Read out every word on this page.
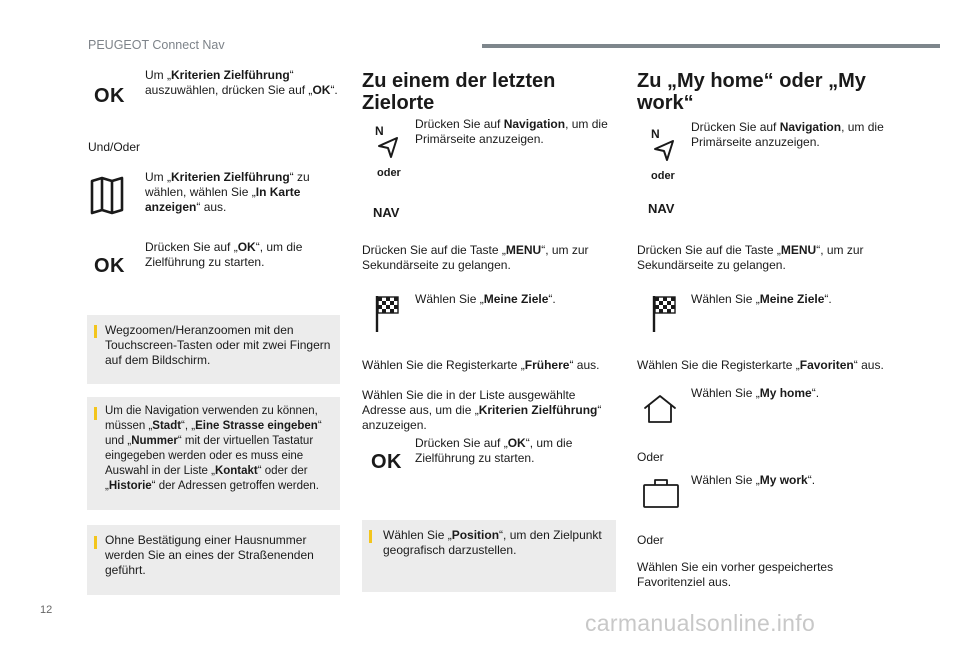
PEUGEOT Connect Nav
OK
Um „Kriterien Zielführung“ auszuwählen, drücken Sie auf „OK“.
Und/Oder
Um „Kriterien Zielführung“ zu wählen, wählen Sie „In Karte anzeigen“ aus.
OK
Drücken Sie auf „OK“, um die Zielführung zu starten.
Wegzoomen/Heranzoomen mit den Touchscreen-Tasten oder mit zwei Fingern auf dem Bildschirm.
Um die Navigation verwenden zu können, müssen „Stadt“, „Eine Strasse eingeben“ und „Nummer“ mit der virtuellen Tastatur eingegeben werden oder es muss eine Auswahl in der Liste „Kontakt“ oder der „Historie“ der Adressen getroffen werden.
Ohne Bestätigung einer Hausnummer werden Sie an eines der Straßenenden geführt.
Zu einem der letzten Zielorte
N	Drücken Sie auf Navigation, um die Primärseite anzuzeigen.
oder
NAV
Drücken Sie auf die Taste „MENU“, um zur Sekundärseite zu gelangen.
Wählen Sie „Meine Ziele“.
Wählen Sie die Registerkarte „Frühere“ aus.
Wählen Sie die in der Liste ausgewählte Adresse aus, um die „Kriterien Zielführung“ anzuzeigen.
OK
Drücken Sie auf „OK“, um die Zielführung zu starten.
Wählen Sie „Position“, um den Zielpunkt geografisch darzustellen.
Zu „My home“ oder „My work“
N	Drücken Sie auf Navigation, um die Primärseite anzuzeigen.
oder
NAV
Drücken Sie auf die Taste „MENU“, um zur Sekundärseite zu gelangen.
Wählen Sie „Meine Ziele“.
Wählen Sie die Registerkarte „Favoriten“ aus.
Wählen Sie „My home“.
Oder
Wählen Sie „My work“.
Oder
Wählen Sie ein vorher gespeichertes Favoritenziel aus.
12	carmanualsonline.info
